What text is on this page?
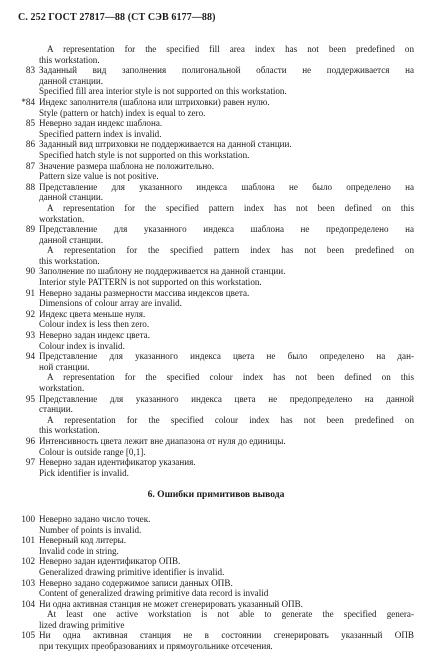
С. 252 ГОСТ 27817—88 (СТ СЭВ 6177—88)
A representation for the specified fill area index has not been predefined on
this workstation.
83 Заданный вид заполнения полигональной области не поддерживается на
данной станции.
Specified fill area interior style is not supported on this workstation.
*84 Индекс заполнителя (шаблона или штриховки) равен нулю.
Style (pattern or hatch) index is equal to zero.
85 Неверно задан индекс шаблона.
Specified pattern index is invalid.
86 Заданный вид штриховки не поддерживается на данной станции.
Specified hatch style is not supported on this workstation.
87 Значение размера шаблона не положительно.
Pattern size value is not positive.
88 Представление для указанного индекса шаблона не было определено на
данной станции.
A representation for the specified pattern index has not been defined on this
workstation.
89 Представление для указанного индекса шаблона не предопределено на
данной станции.
A representation for the specified pattern index has not been predefined on
this workstation.
90 Заполнение по шаблону не поддерживается на данной станции.
Interior style PATTERN is not supported on this workstation.
91 Неверно заданы размерности массива индексов цвета.
Dimensions of colour array are invalid.
92 Индекс цвета меньше нуля.
Colour index is less then zero.
93 Неверно задан индекс цвета.
Colour index is invalid.
94 Представление для указанного индекса цвета не было определено на дан-
ной станции.
A representation for the specified colour index has not been defined on this
workstation.
95 Представление для указанного индекса цвета не предопределено на данной
станции.
A representation for the specified colour index has not been predefined on
this workstation.
96 Интенсивность цвета лежит вне диапазона от нуля до единицы.
Colour is outside range [0,1].
97 Неверно задан идентификатор указания.
Pick identifier is invalid.
6. Ошибки примитивов вывода
100 Неверно задано число точек.
Number of points is invalid.
101 Неверный код литеры.
Invalid code in string.
102 Неверно задан идентификатор ОПВ.
Generalized drawing primitive identifier is invalid.
103 Неверно задано содержимое записи данных ОПВ.
Content of generalized drawing primitive data record is invalid
104 Ни одна активная станция не может сгенерировать указанный ОПВ.
At least one active workstation is not able to generate the specified genera-
lized drawing primitive
105 Ни одна активная станция не в состоянии сгенерировать указанный ОПВ
при текущих преобразованиях и прямоугольнике отсечения.
